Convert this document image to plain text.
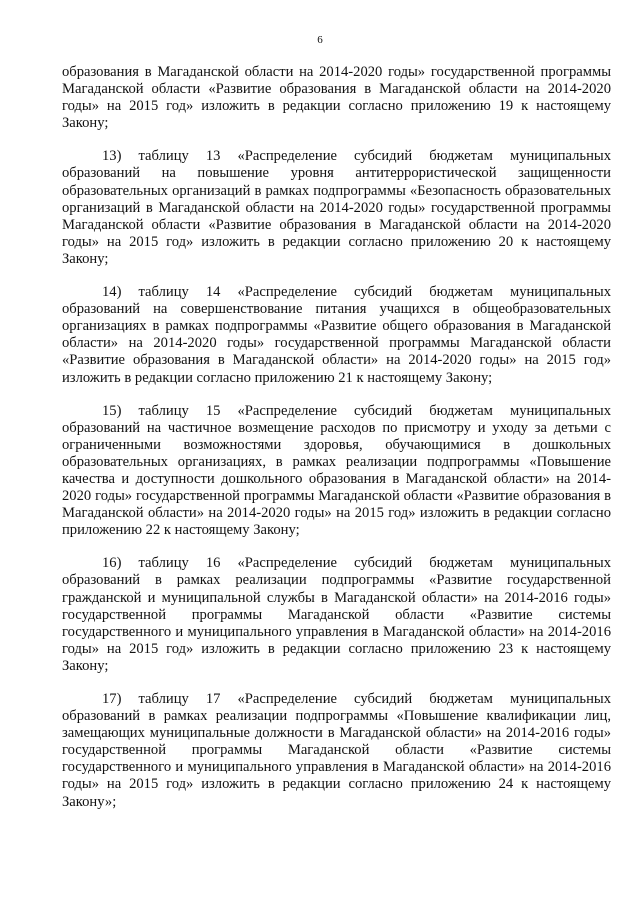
6

образования в Магаданской области на 2014-2020 годы» государственной программы Магаданской области «Развитие образования в Магаданской области на 2014-2020 годы» на 2015 год» изложить в редакции согласно приложению 19 к настоящему Закону;

13) таблицу 13 «Распределение субсидий бюджетам муниципальных образований на повышение уровня антитеррористической защищенности образовательных организаций в рамках подпрограммы «Безопасность образовательных организаций в Магаданской области на 2014-2020 годы» государственной программы Магаданской области «Развитие образования в Магаданской области на 2014-2020 годы» на 2015 год» изложить в редакции согласно приложению 20 к настоящему Закону;

14) таблицу 14 «Распределение субсидий бюджетам муниципальных образований на совершенствование питания учащихся в общеобразовательных организациях в рамках подпрограммы «Развитие общего образования в Магаданской области» на 2014-2020 годы» государственной программы Магаданской области «Развитие образования в Магаданской области» на 2014-2020 годы» на 2015 год» изложить в редакции согласно приложению 21 к настоящему Закону;

15) таблицу 15 «Распределение субсидий бюджетам муниципальных образований на частичное возмещение расходов по присмотру и уходу за детьми с ограниченными возможностями здоровья, обучающимися в дошкольных образовательных организациях, в рамках реализации подпрограммы «Повышение качества и доступности дошкольного образования в Магаданской области» на 2014-2020 годы» государственной программы Магаданской области «Развитие образования в Магаданской области» на 2014-2020 годы» на 2015 год» изложить в редакции согласно приложению 22 к настоящему Закону;

16) таблицу 16 «Распределение субсидий бюджетам муниципальных образований в рамках реализации подпрограммы «Развитие государственной гражданской и муниципальной службы в Магаданской области» на 2014-2016 годы» государственной программы Магаданской области «Развитие системы государственного и муниципального управления в Магаданской области» на 2014-2016 годы» на 2015 год» изложить в редакции согласно приложению 23 к настоящему Закону;

17) таблицу 17 «Распределение субсидий бюджетам муниципальных образований в рамках реализации подпрограммы «Повышение квалификации лиц, замещающих муниципальные должности в Магаданской области» на 2014-2016 годы» государственной программы Магаданской области «Развитие системы государственного и муниципального управления в Магаданской области» на 2014-2016 годы» на 2015 год» изложить в редакции согласно приложению 24 к настоящему Закону»;
